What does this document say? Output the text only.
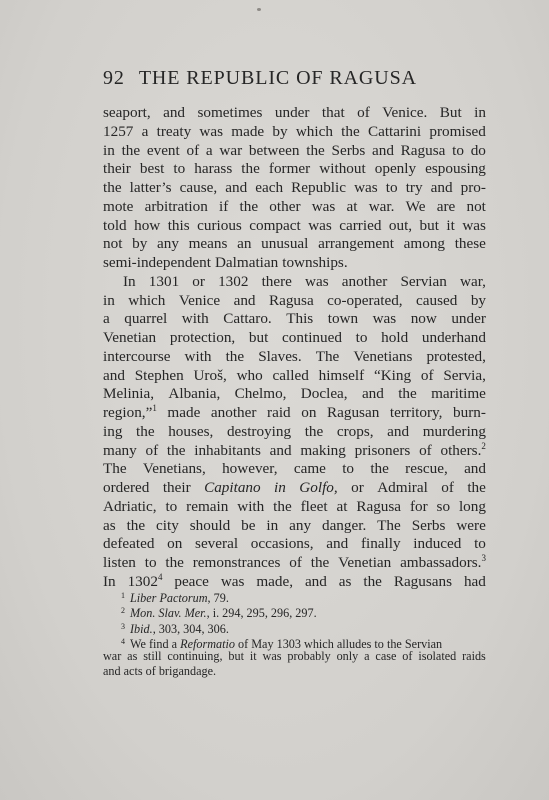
92 THE REPUBLIC OF RAGUSA
seaport, and sometimes under that of Venice. But in
1257 a treaty was made by which the Cattarini promised
in the event of a war between the Serbs and Ragusa to do
their best to harass the former without openly espousing
the latter’s cause, and each Republic was to try and pro-
mote arbitration if the other was at war. We are not
told how this curious compact was carried out, but it was
not by any means an unusual arrangement among these
semi-independent Dalmatian townships.
In 1301 or 1302 there was another Servian war,
in which Venice and Ragusa co-operated, caused by
a quarrel with Cattaro. This town was now under
Venetian protection, but continued to hold underhand
intercourse with the Slaves. The Venetians protested,
and Stephen Uroš, who called himself “King of Servia,
Melinia, Albania, Chelmo, Doclea, and the maritime
region,”$^1$ made another raid on Ragusan territory, burn-
ing the houses, destroying the crops, and murdering
many of the inhabitants and making prisoners of others.$^2$
The Venetians, however, came to the rescue, and
ordered their Capitano in Golfo, or Admiral of the
Adriatic, to remain with the fleet at Ragusa for so long
as the city should be in any danger. The Serbs were
defeated on several occasions, and finally induced to
listen to the remonstrances of the Venetian ambassadors.$^3$
In 1302$^4$ peace was made, and as the Ragusans had
$^1$ Liber Pactorum, 79.
$^2$ Mon. Slav. Mer., i. 294, 295, 296, 297.
$^3$ Ibid., 303, 304, 306.
$^4$ We find a Reformatio of May 1303 which alludes to the Servian
war as still continuing, but it was probably only a case of isolated raids
and acts of brigandage.
